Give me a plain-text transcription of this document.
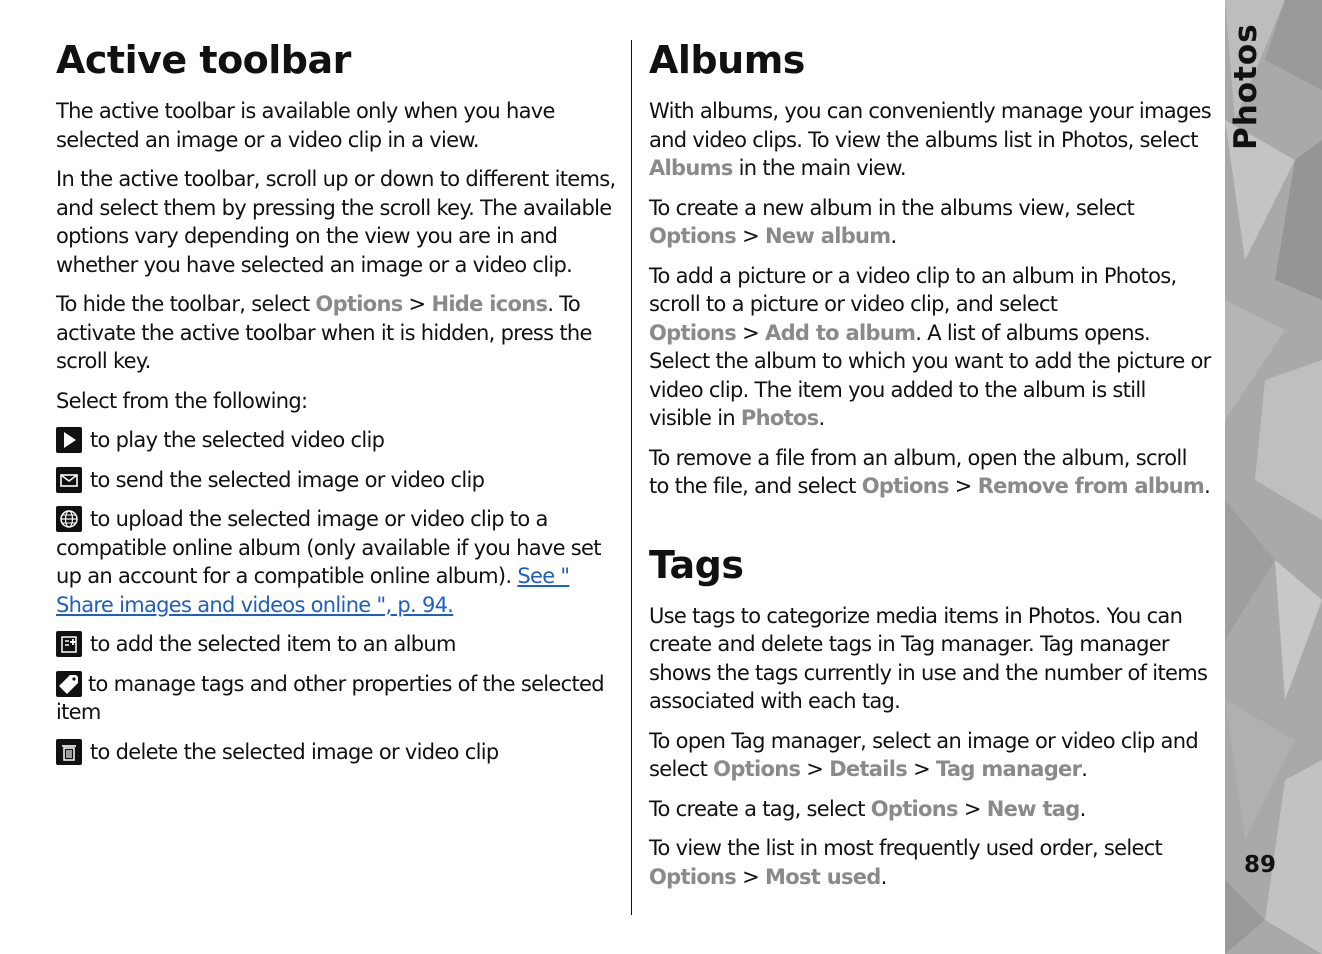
Active toolbar

The active toolbar is available only when you have selected an image or a video clip in a view.

In the active toolbar, scroll up or down to different items, and select them by pressing the scroll key. The available options vary depending on the view you are in and whether you have selected an image or a video clip.

To hide the toolbar, select Options > Hide icons. To activate the active toolbar when it is hidden, press the scroll key.

Select from the following:

to play the selected video clip

to send the selected image or video clip

to upload the selected image or video clip to a compatible online album (only available if you have set up an account for a compatible online album). See " Share images and videos online ", p. 94.

to add the selected item to an album

to manage tags and other properties of the selected item

to delete the selected image or video clip

Albums

With albums, you can conveniently manage your images and video clips. To view the albums list in Photos, select Albums in the main view.

To create a new album in the albums view, select Options > New album.

To add a picture or a video clip to an album in Photos, scroll to a picture or video clip, and select Options > Add to album. A list of albums opens. Select the album to which you want to add the picture or video clip. The item you added to the album is still visible in Photos.

To remove a file from an album, open the album, scroll to the file, and select Options > Remove from album.

Tags

Use tags to categorize media items in Photos. You can create and delete tags in Tag manager. Tag manager shows the tags currently in use and the number of items associated with each tag.

To open Tag manager, select an image or video clip and select Options > Details > Tag manager.

To create a tag, select Options > New tag.

To view the list in most frequently used order, select Options > Most used.

Photos
89
